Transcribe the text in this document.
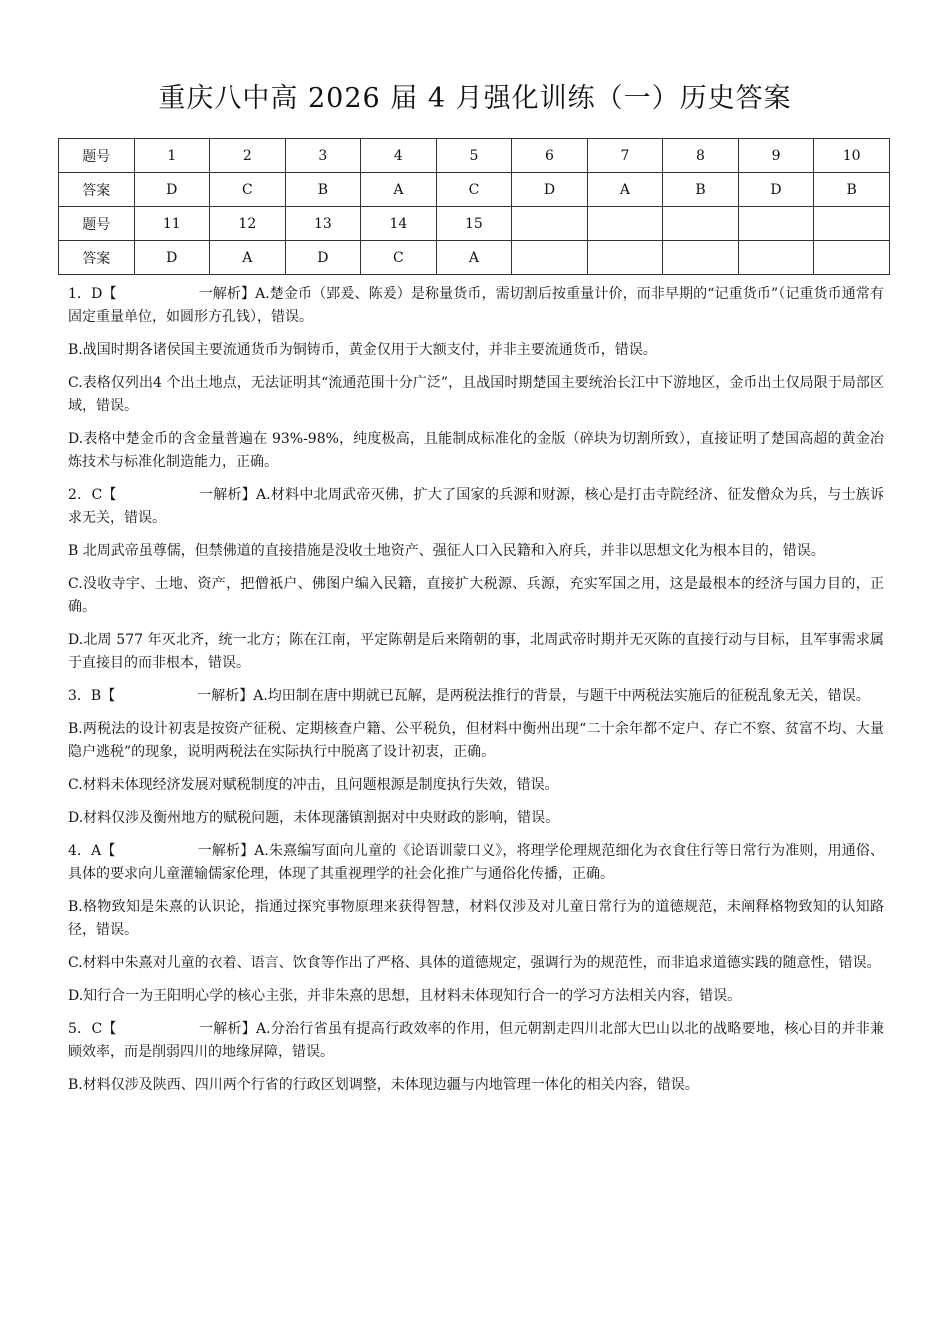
重庆八中高 2026 届 4 月强化训练（一）历史答案
题号	1	2	3	4	5	6	7	8	9	10
答案	D	C	B	A	C	D	A	B	D	B
题号	11	12	13	14	15					
答案	D	A	D	C	A					

1．D【	一解析】A.楚金币（郢爰、陈爰）是称量货币，需切割后按重量计价，而非早期的“记重货币”（记重货币通常有固定重量单位，如圆形方孔钱），错误。

B.战国时期各诸侯国主要流通货币为铜铸币，黄金仅用于大额支付，并非主要流通货币，错误。

C.表格仅列出4 个出土地点，无法证明其“流通范围十分广泛”，且战国时期楚国主要统治长江中下游地区，金币出土仅局限于局部区域，错误。

D.表格中楚金币的含金量普遍在 93%-98%，纯度极高，且能制成标准化的金版（碎块为切割所致），直接证明了楚国高超的黄金冶炼技术与标准化制造能力，正确。

2．C【	一解析】A.材料中北周武帝灭佛，扩大了国家的兵源和财源，核心是打击寺院经济、征发僧众为兵，与士族诉求无关，错误。

B 北周武帝虽尊儒，但禁佛道的直接措施是没收土地资产、强征人口入民籍和入府兵，并非以思想文化为根本目的，错误。

C.没收寺宇、土地、资产，把僧祇户、佛图户编入民籍，直接扩大税源、兵源，充实军国之用，这是最根本的经济与国力目的，正确。

D.北周 577 年灭北齐，统一北方；陈在江南，平定陈朝是后来隋朝的事，北周武帝时期并无灭陈的直接行动与目标，且军事需求属于直接目的而非根本，错误。

3．B【	一解析】A.均田制在唐中期就已瓦解，是两税法推行的背景，与题干中两税法实施后的征税乱象无关，错误。

B.两税法的设计初衷是按资产征税、定期核查户籍、公平税负，但材料中衡州出现“二十余年都不定户、存亡不察、贫富不均、大量隐户逃税”的现象，说明两税法在实际执行中脱离了设计初衷，正确。

C.材料未体现经济发展对赋税制度的冲击，且问题根源是制度执行失效，错误。

D.材料仅涉及衡州地方的赋税问题，未体现藩镇割据对中央财政的影响，错误。

4．A【	一解析】A.朱熹编写面向儿童的《论语训蒙口义》，将理学伦理规范细化为衣食住行等日常行为准则，用通俗、具体的要求向儿童灌输儒家伦理，体现了其重视理学的社会化推广与通俗化传播，正确。

B.格物致知是朱熹的认识论，指通过探究事物原理来获得智慧，材料仅涉及对儿童日常行为的道德规范，未阐释格物致知的认知路径，错误。

C.材料中朱熹对儿童的衣着、语言、饮食等作出了严格、具体的道德规定，强调行为的规范性，而非追求道德实践的随意性，错误。

D.知行合一为王阳明心学的核心主张，并非朱熹的思想，且材料未体现知行合一的学习方法相关内容，错误。

5．C【	一解析】A.分治行省虽有提高行政效率的作用，但元朝割走四川北部大巴山以北的战略要地，核心目的并非兼顾效率，而是削弱四川的地缘屏障，错误。

B.材料仅涉及陕西、四川两个行省的行政区划调整，未体现边疆与内地管理一体化的相关内容，错误。
